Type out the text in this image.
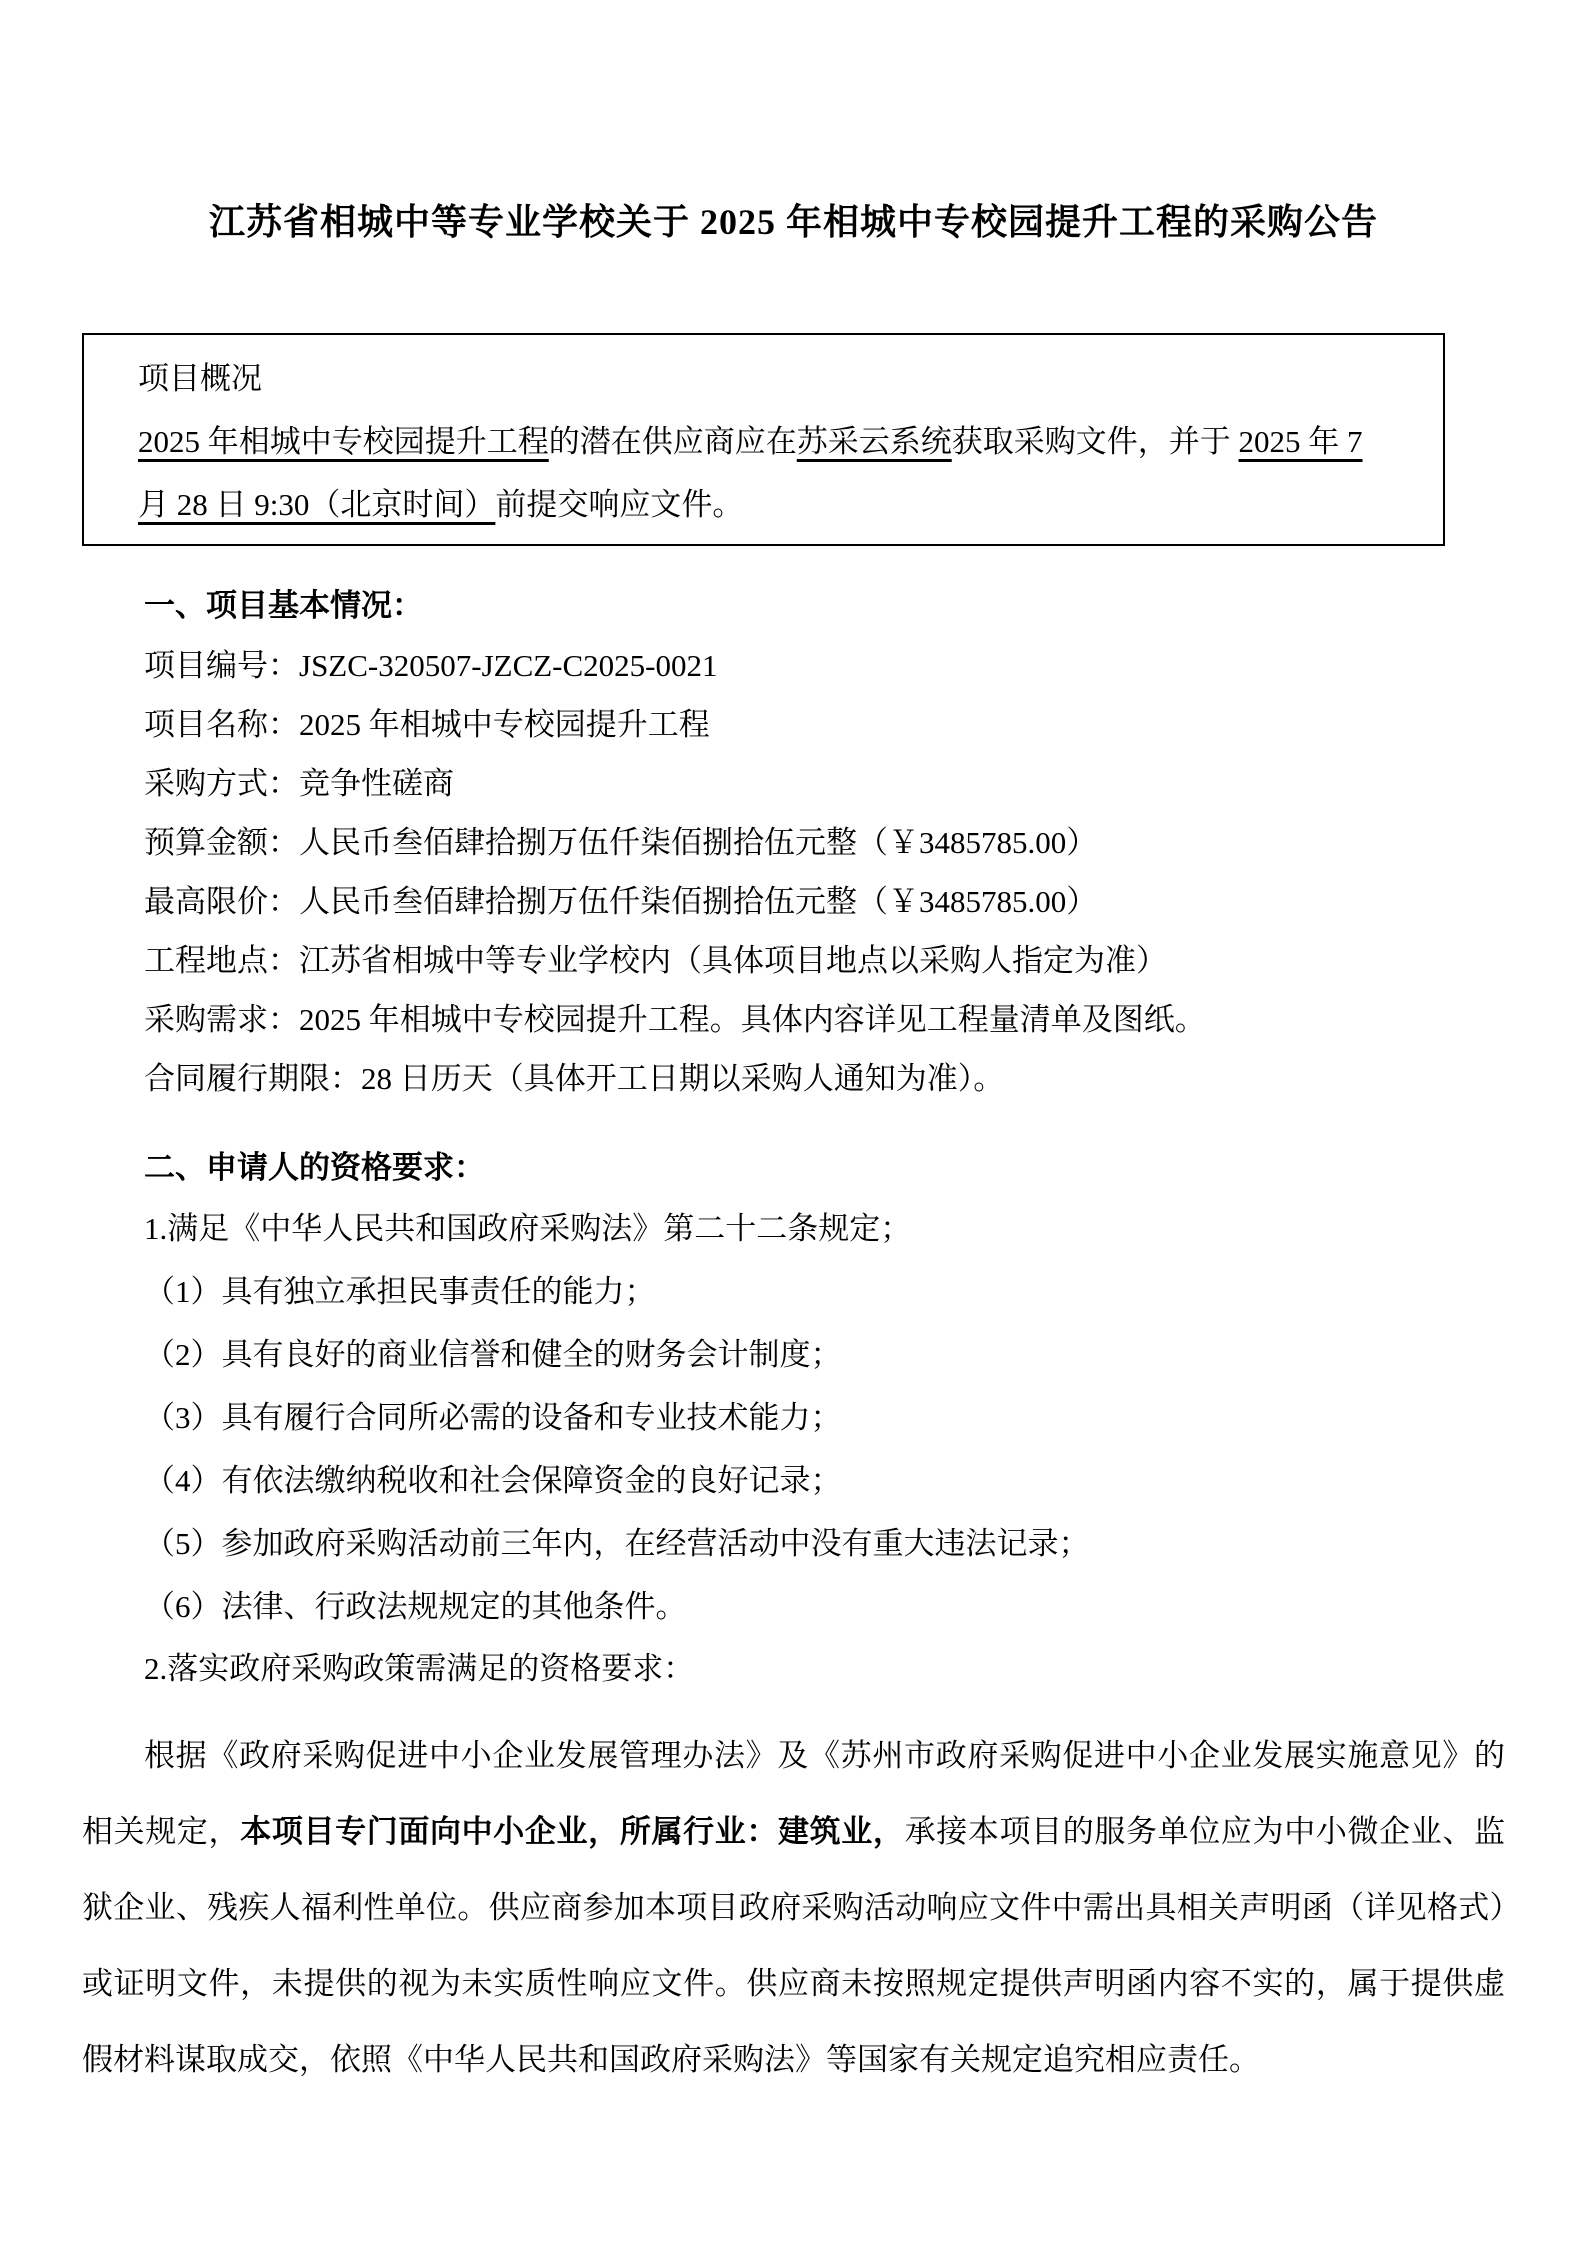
江苏省相城中等专业学校关于 2025 年相城中专校园提升工程的采购公告

项目概况

2025 年相城中专校园提升工程的潜在供应商应在苏采云系统获取采购文件，并于 2025 年 7 月 28 日 9:30（北京时间）前提交响应文件。

一、项目基本情况：

项目编号：JSZC-320507-JZCZ-C2025-0021

项目名称：2025 年相城中专校园提升工程

采购方式：竞争性磋商

预算金额：人民币叁佰肆拾捌万伍仟柒佰捌拾伍元整（￥3485785.00）

最高限价：人民币叁佰肆拾捌万伍仟柒佰捌拾伍元整（￥3485785.00）

工程地点：江苏省相城中等专业学校内（具体项目地点以采购人指定为准）

采购需求：2025 年相城中专校园提升工程。具体内容详见工程量清单及图纸。

合同履行期限：28 日历天（具体开工日期以采购人通知为准）。

二、申请人的资格要求：

1.满足《中华人民共和国政府采购法》第二十二条规定；

（1）具有独立承担民事责任的能力；

（2）具有良好的商业信誉和健全的财务会计制度；

（3）具有履行合同所必需的设备和专业技术能力；

（4）有依法缴纳税收和社会保障资金的良好记录；

（5）参加政府采购活动前三年内，在经营活动中没有重大违法记录；

（6）法律、行政法规规定的其他条件。

2.落实政府采购政策需满足的资格要求：

根据《政府采购促进中小企业发展管理办法》及《苏州市政府采购促进中小企业发展实施意见》的相关规定，本项目专门面向中小企业，所属行业：建筑业，承接本项目的服务单位应为中小微企业、监狱企业、残疾人福利性单位。供应商参加本项目政府采购活动响应文件中需出具相关声明函（详见格式）或证明文件，未提供的视为未实质性响应文件。供应商未按照规定提供声明函内容不实的，属于提供虚假材料谋取成交，依照《中华人民共和国政府采购法》等国家有关规定追究相应责任。
